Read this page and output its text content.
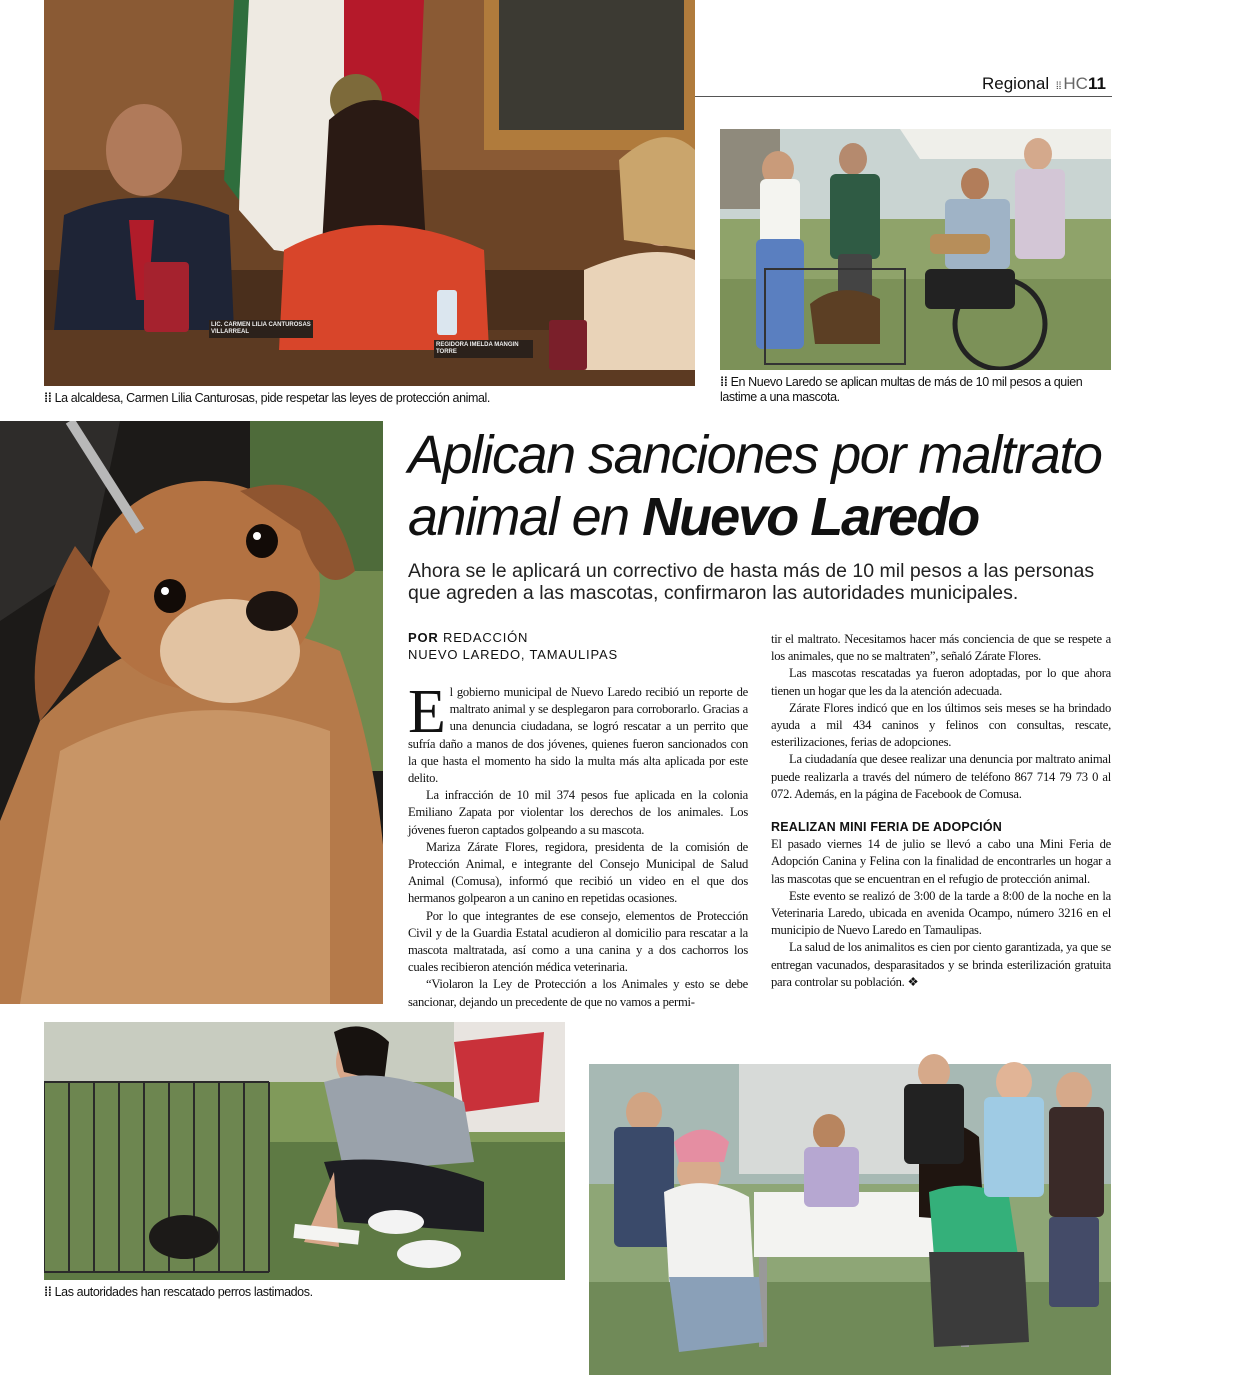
Regional ⁞⁞ HC11
LIC. CARMEN LILIA CANTUROSAS VILLARREAL
REGIDORA IMELDA MANGIN TORRE
⁞⁞ La alcaldesa, Carmen Lilia Canturosas, pide respetar las leyes de protección animal.
⁞⁞ En Nuevo Laredo se aplican multas de más de 10 mil pesos a quien lastime a una mascota.
Aplican sanciones por maltrato animal en Nuevo Laredo
Ahora se le aplicará un correctivo de hasta más de 10 mil pesos a las personas que agreden a las mascotas, confirmaron las autoridades municipales.
POR REDACCIÓN
NUEVO LAREDO, TAMAULIPAS

El gobierno municipal de Nuevo Laredo recibió un reporte de maltrato animal y se desplegaron para corroborarlo. Gracias a una denuncia ciudadana, se logró rescatar a un perrito que sufría daño a manos de dos jóvenes, quienes fueron sancionados con la que hasta el momento ha sido la multa más alta aplicada por este delito.

La infracción de 10 mil 374 pesos fue aplicada en la colonia Emiliano Zapata por violentar los derechos de los animales. Los jóvenes fueron captados golpeando a su mascota.

Mariza Zárate Flores, regidora, presidenta de la comisión de Protección Animal, e integrante del Consejo Municipal de Salud Animal (Comusa), informó que recibió un video en el que dos hermanos golpearon a un canino en repetidas ocasiones.

Por lo que integrantes de ese consejo, elementos de Protección Civil y de la Guardia Estatal acudieron al domicilio para rescatar a la mascota maltratada, así como a una canina y a dos cachorros los cuales recibieron atención médica veterinaria.

“Violaron la Ley de Protección a los Animales y esto se debe sancionar, dejando un precedente de que no vamos a permi-

tir el maltrato. Necesitamos hacer más conciencia de que se respete a los animales, que no se maltraten”, señaló Zárate Flores.

Las mascotas rescatadas ya fueron adoptadas, por lo que ahora tienen un hogar que les da la atención adecuada.

Zárate Flores indicó que en los últimos seis meses se ha brindado ayuda a mil 434 caninos y felinos con consultas, rescate, esterilizaciones, ferias de adopciones.

La ciudadanía que desee realizar una denuncia por maltrato animal puede realizarla a través del número de teléfono 867 714 79 73 0 al 072. Además, en la página de Facebook de Comusa.

REALIZAN MINI FERIA DE ADOPCIÓN

El pasado viernes 14 de julio se llevó a cabo una Mini Feria de Adopción Canina y Felina con la finalidad de encontrarles un hogar a las mascotas que se encuentran en el refugio de protección animal.

Este evento se realizó de 3:00 de la tarde a 8:00 de la noche en la Veterinaria Laredo, ubicada en avenida Ocampo, número 3216 en el municipio de Nuevo Laredo en Tamaulipas.

La salud de los animalitos es cien por ciento garantizada, ya que se entregan vacunados, desparasitados y se brinda esterilización gratuita para controlar su población. ❖

⁞⁞ Las autoridades han rescatado perros lastimados.
